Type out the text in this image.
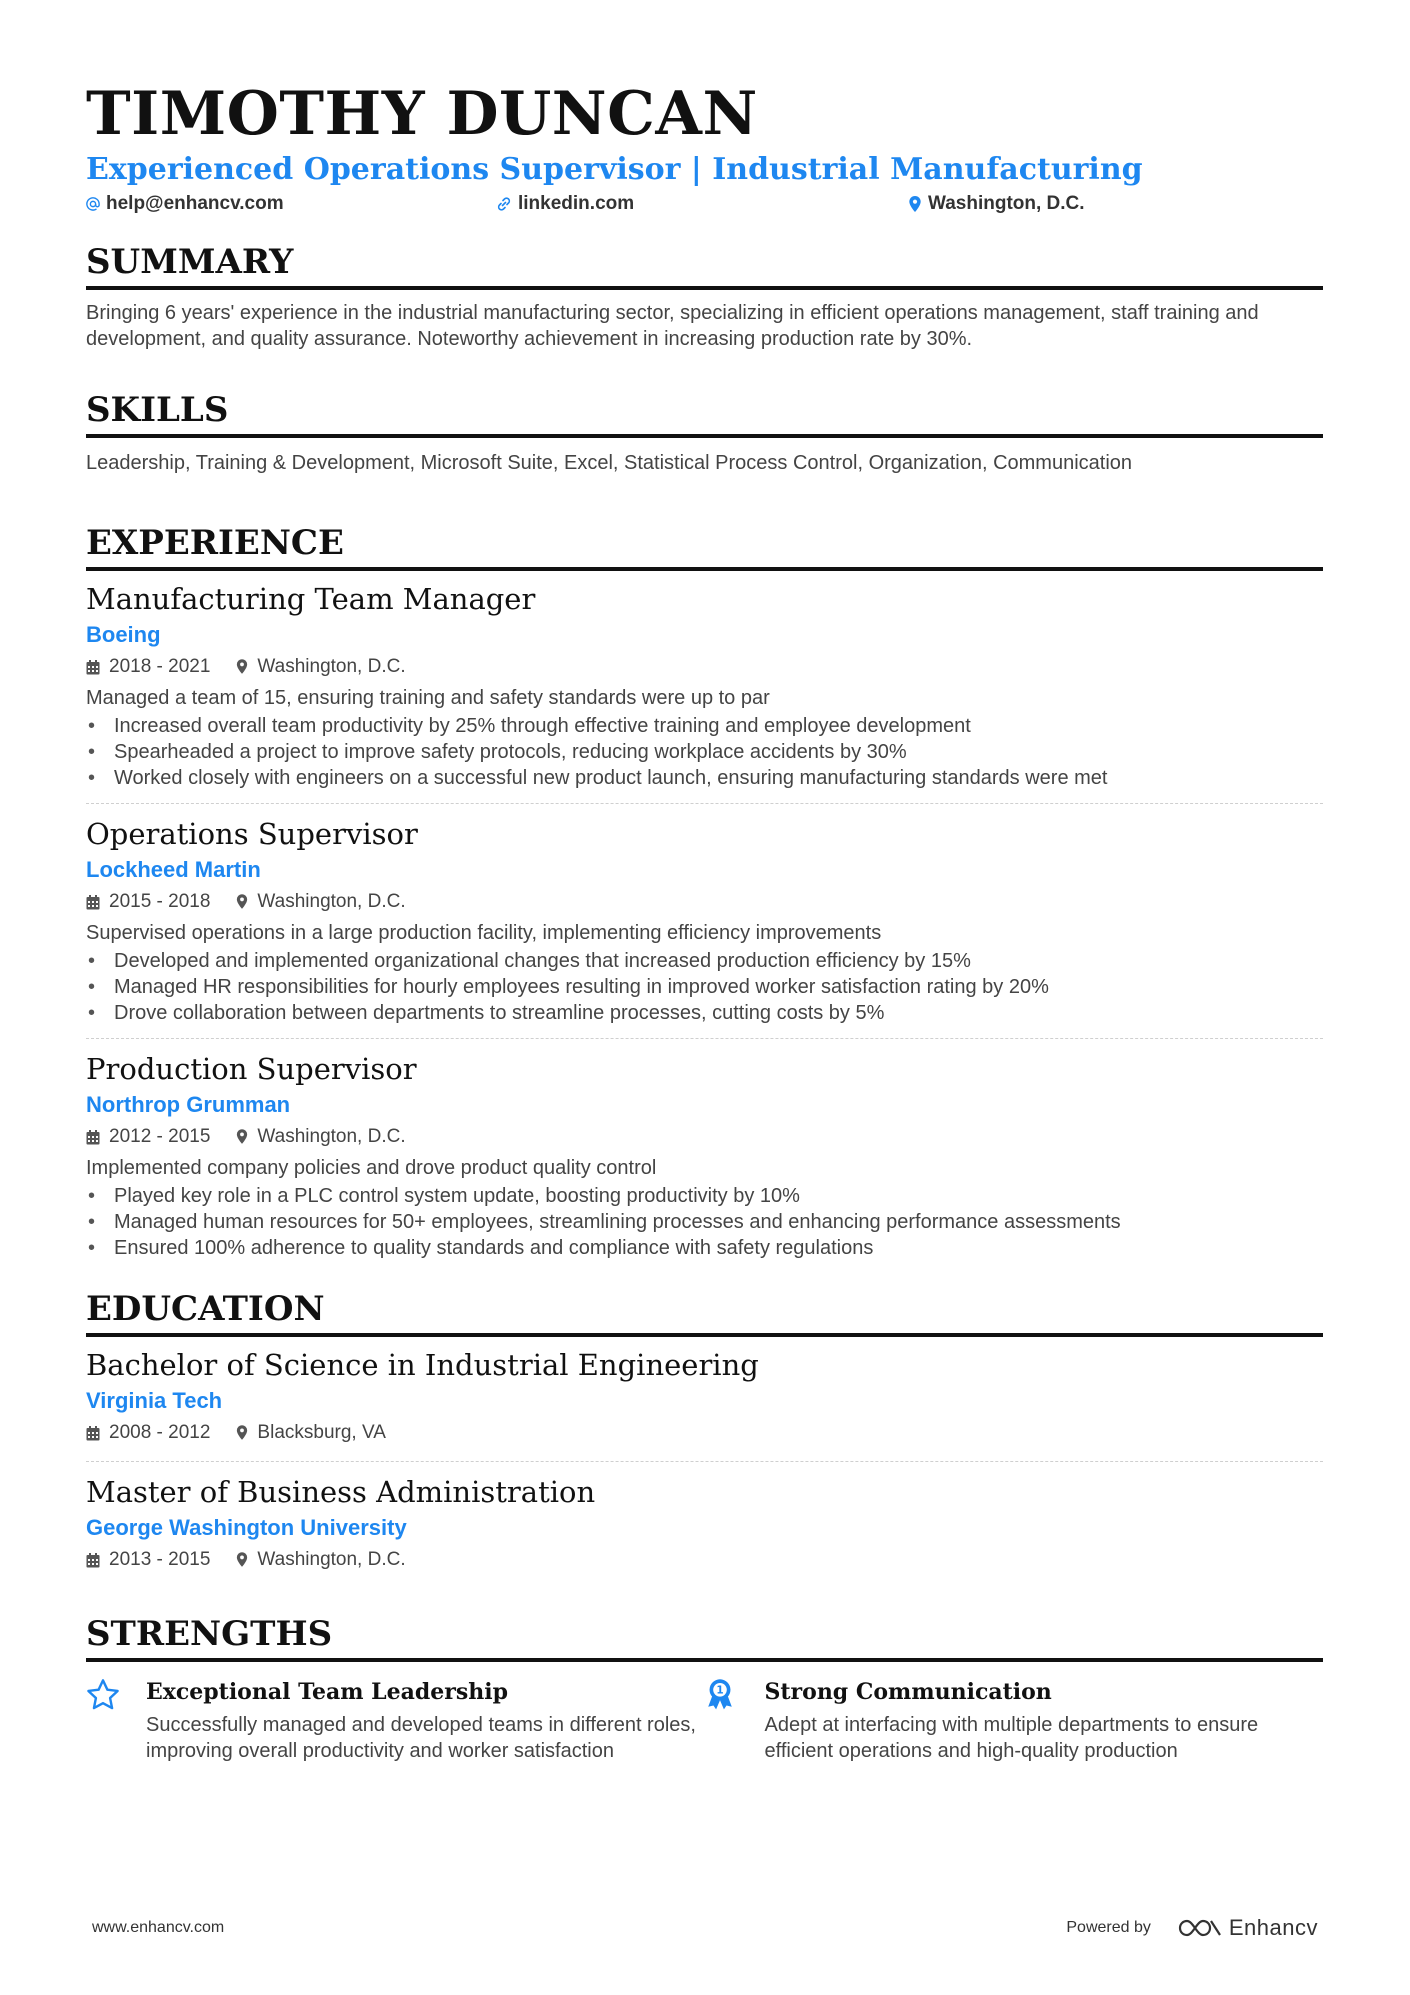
TIMOTHY DUNCAN
Experienced Operations Supervisor | Industrial Manufacturing
help@enhancv.com	linkedin.com	Washington, D.C.
SUMMARY

Bringing 6 years' experience in the industrial manufacturing sector, specializing in efficient operations management, staff training and development, and quality assurance. Noteworthy achievement in increasing production rate by 30%.

SKILLS

Leadership, Training & Development, Microsoft Suite, Excel, Statistical Process Control, Organization, Communication

EXPERIENCE
Manufacturing Team Manager
Boeing
2018 - 2021 Washington, D.C.
Managed a team of 15, ensuring training and safety standards were up to par
• Increased overall team productivity by 25% through effective training and employee development
• Spearheaded a project to improve safety protocols, reducing workplace accidents by 30%
• Worked closely with engineers on a successful new product launch, ensuring manufacturing standards were met
Operations Supervisor
Lockheed Martin
2015 - 2018 Washington, D.C.
Supervised operations in a large production facility, implementing efficiency improvements
• Developed and implemented organizational changes that increased production efficiency by 15%
• Managed HR responsibilities for hourly employees resulting in improved worker satisfaction rating by 20%
• Drove collaboration between departments to streamline processes, cutting costs by 5%
Production Supervisor
Northrop Grumman
2012 - 2015 Washington, D.C.
Implemented company policies and drove product quality control
• Played key role in a PLC control system update, boosting productivity by 10%
• Managed human resources for 50+ employees, streamlining processes and enhancing performance assessments
• Ensured 100% adherence to quality standards and compliance with safety regulations
EDUCATION
Bachelor of Science in Industrial Engineering
Virginia Tech
2008 - 2012 Blacksburg, VA
Master of Business Administration
George Washington University
2013 - 2015 Washington, D.C.
STRENGTHS
Exceptional Team Leadership
Successfully managed and developed teams in different roles, improving overall productivity and worker satisfaction
1 Strong Communication
Adept at interfacing with multiple departments to ensure efficient operations and high-quality production
www.enhancv.com	Powered by	Enhancv
